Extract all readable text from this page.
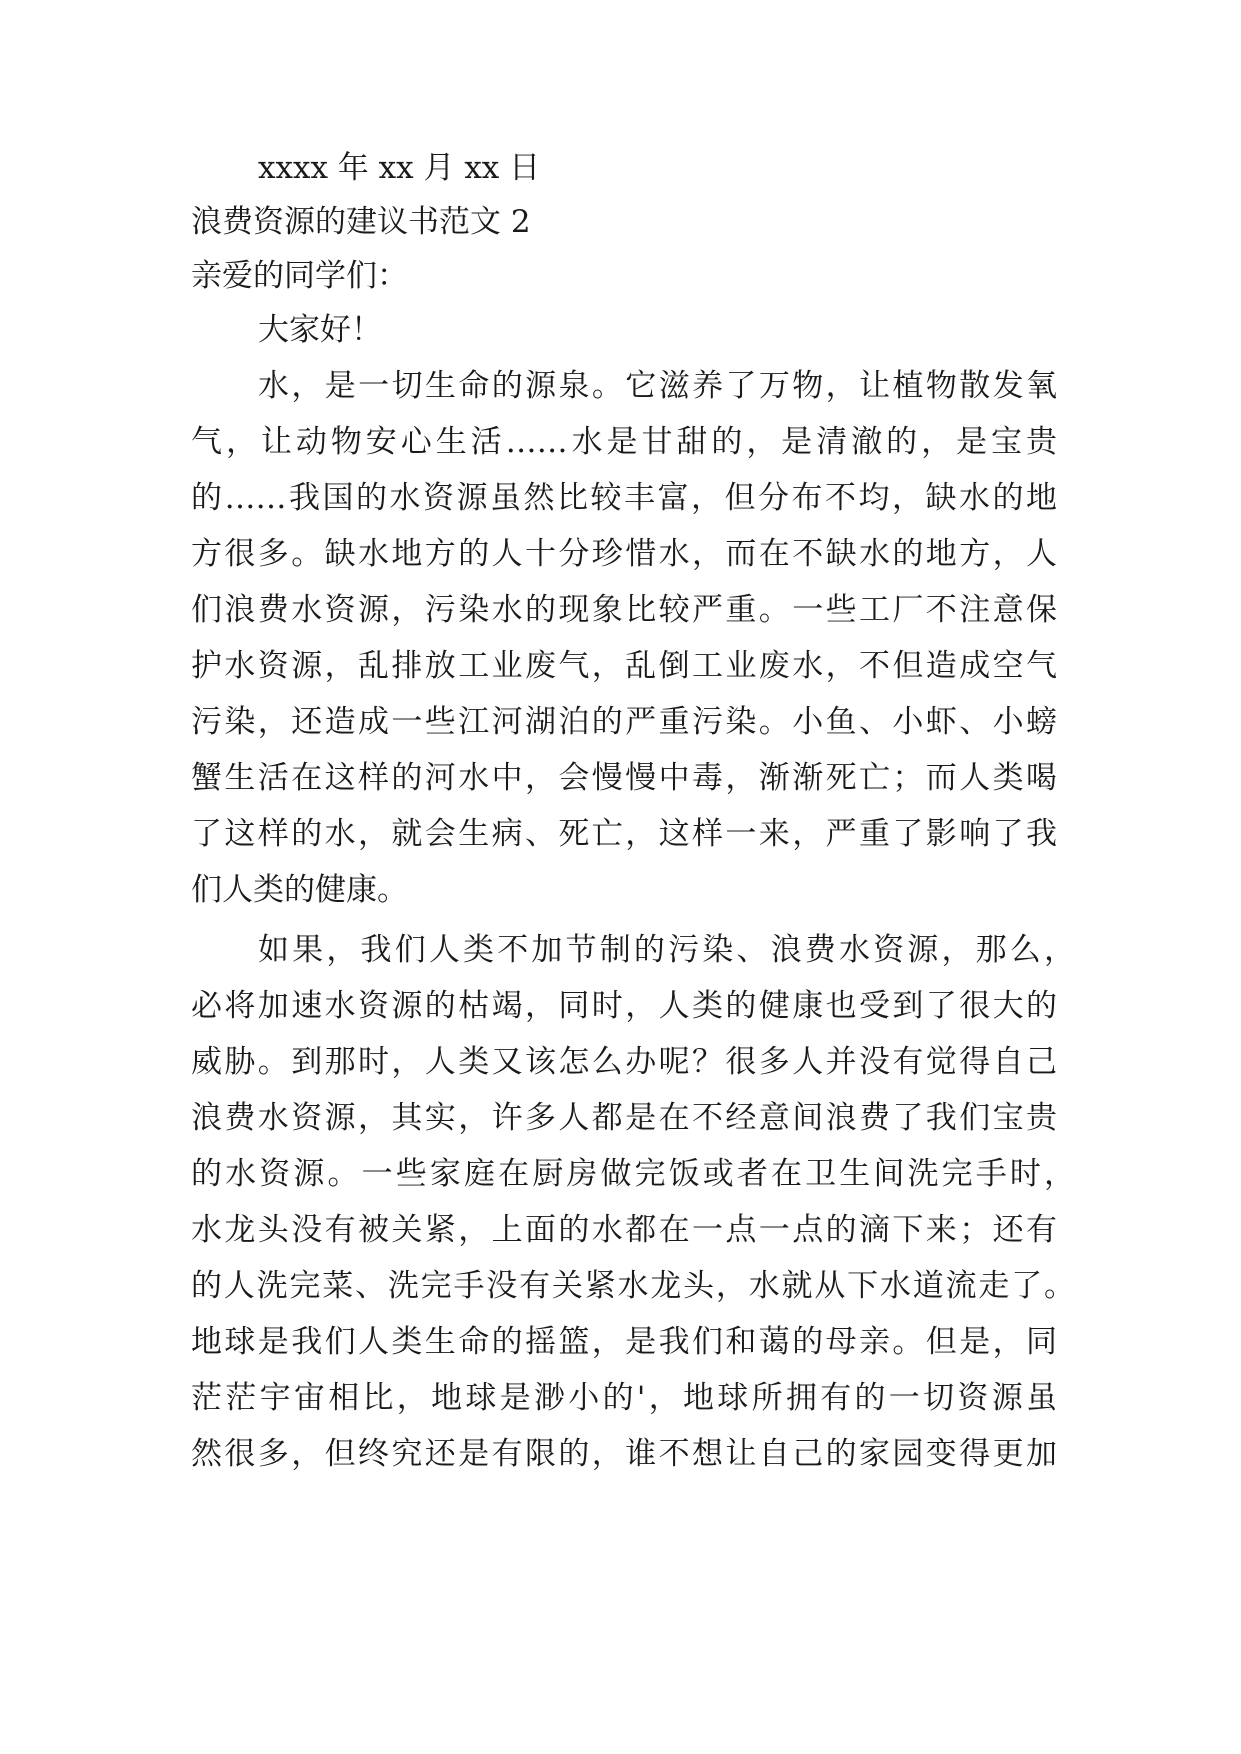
xxxx 年 xx 月 xx 日
浪费资源的建议书范文 2
亲爱的同学们：
大家好！
水，是一切生命的源泉。它滋养了万物，让植物散发氧
气，让动物安心生活……水是甘甜的，是清澈的，是宝贵
的……我国的水资源虽然比较丰富，但分布不均，缺水的地
方很多。缺水地方的人十分珍惜水，而在不缺水的地方，人
们浪费水资源，污染水的现象比较严重。一些工厂不注意保
护水资源，乱排放工业废气，乱倒工业废水，不但造成空气
污染，还造成一些江河湖泊的严重污染。小鱼、小虾、小螃
蟹生活在这样的河水中，会慢慢中毒，渐渐死亡；而人类喝
了这样的水，就会生病、死亡，这样一来，严重了影响了我
们人类的健康。
如果，我们人类不加节制的污染、浪费水资源，那么，
必将加速水资源的枯竭，同时，人类的健康也受到了很大的
威胁。到那时，人类又该怎么办呢？很多人并没有觉得自己
浪费水资源，其实，许多人都是在不经意间浪费了我们宝贵
的水资源。一些家庭在厨房做完饭或者在卫生间洗完手时，
水龙头没有被关紧，上面的水都在一点一点的滴下来；还有
的人洗完菜、洗完手没有关紧水龙头，水就从下水道流走了。
地球是我们人类生命的摇篮，是我们和蔼的母亲。但是，同
茫茫宇宙相比，地球是渺小的'，地球所拥有的一切资源虽
然很多，但终究还是有限的，谁不想让自己的家园变得更加
